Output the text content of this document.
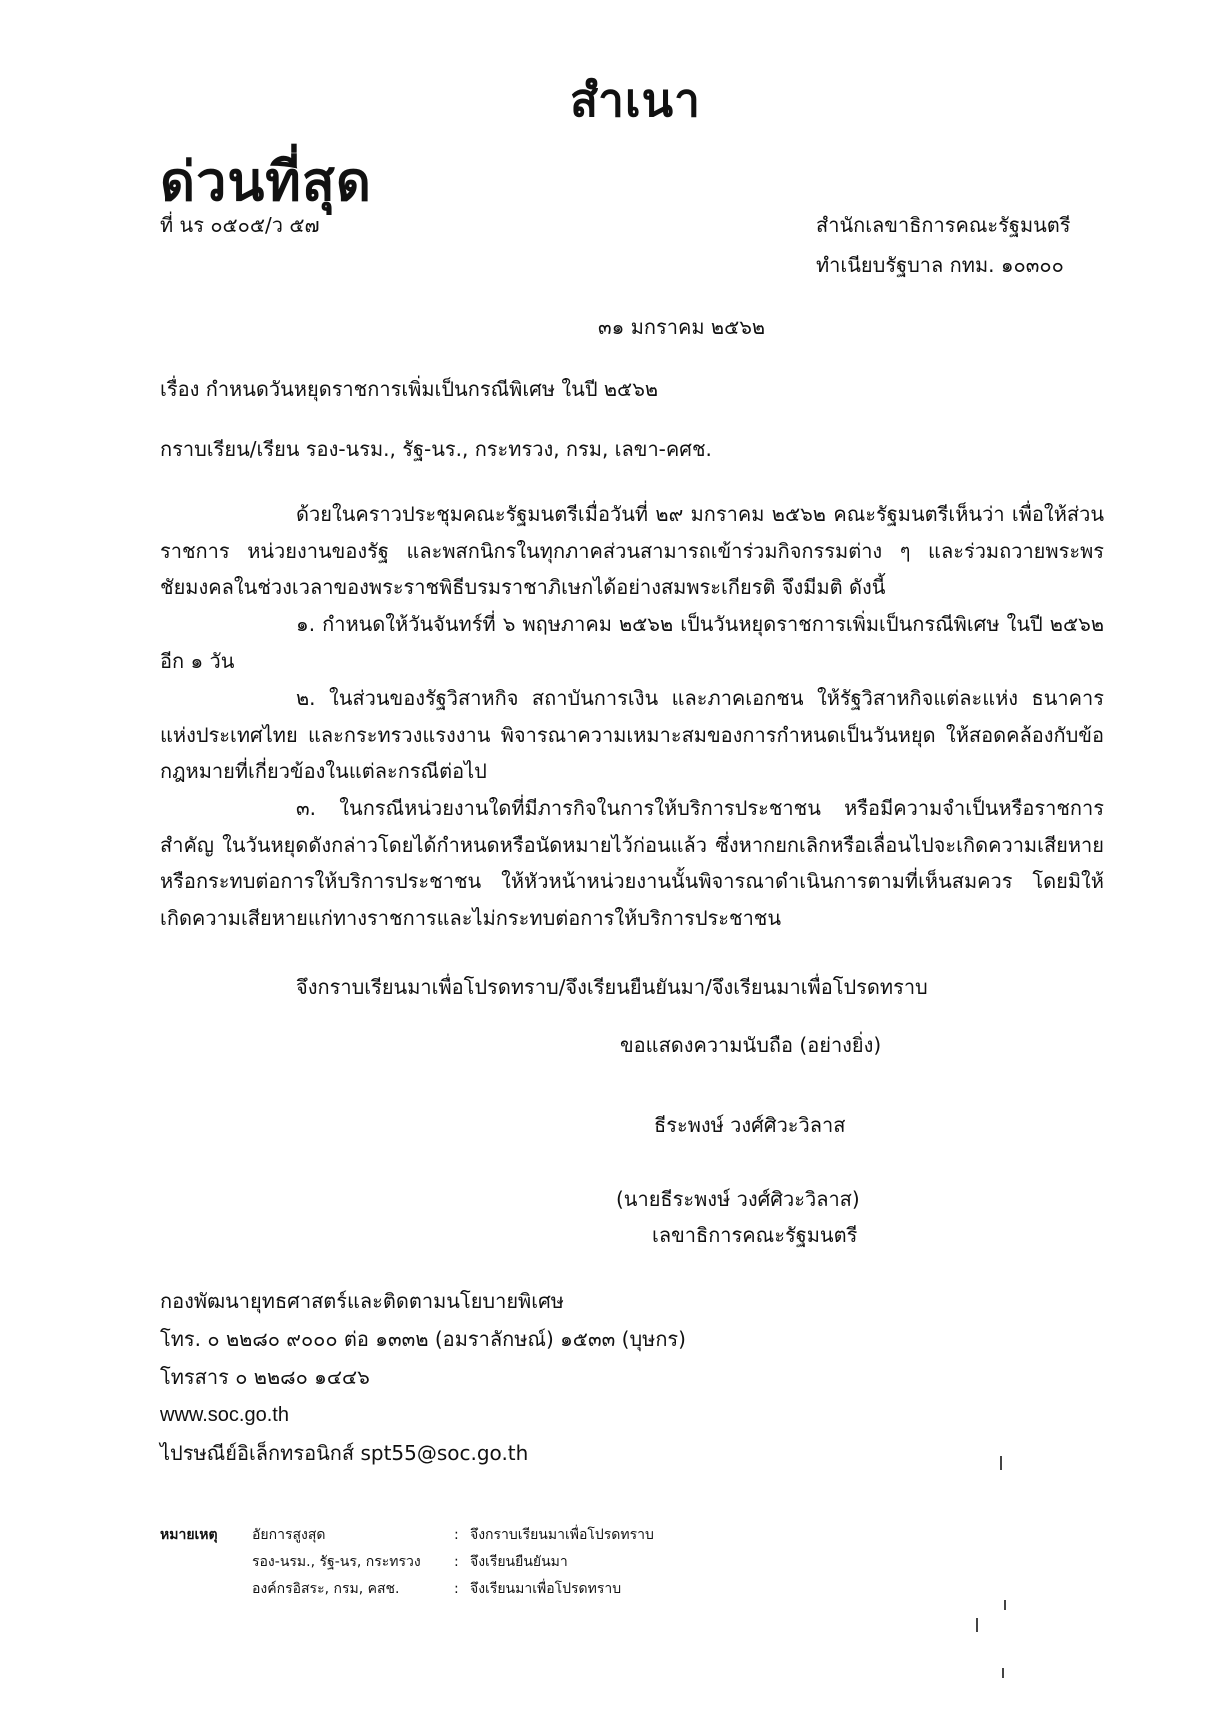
สำเนา
ด่วนที่สุด
ที่ นร ๐๕๐๕/ว ๕๗	สำนักเลขาธิการคณะรัฐมนตรี
ทำเนียบรัฐบาล กทม. ๑๐๓๐๐
๓๑ มกราคม ๒๕๖๒
เรื่อง กำหนดวันหยุดราชการเพิ่มเป็นกรณีพิเศษ ในปี ๒๕๖๒
กราบเรียน/เรียน รอง-นรม., รัฐ-นร., กระทรวง, กรม, เลขา-คศช.
ด้วยในคราวประชุมคณะรัฐมนตรีเมื่อวันที่ ๒๙ มกราคม ๒๕๖๒ คณะรัฐมนตรีเห็นว่า เพื่อให้ส่วนราชการ หน่วยงานของรัฐ และพสกนิกรในทุกภาคส่วนสามารถเข้าร่วมกิจกรรมต่าง ๆ และร่วมถวายพระพรชัยมงคลในช่วงเวลาของพระราชพิธีบรมราชาภิเษกได้อย่างสมพระเกียรติ จึงมีมติ ดังนี้
๑. กำหนดให้วันจันทร์ที่ ๖ พฤษภาคม ๒๕๖๒ เป็นวันหยุดราชการเพิ่มเป็นกรณีพิเศษ ในปี ๒๕๖๒ อีก ๑ วัน
๒. ในส่วนของรัฐวิสาหกิจ สถาบันการเงิน และภาคเอกชน ให้รัฐวิสาหกิจแต่ละแห่ง ธนาคารแห่งประเทศไทย และกระทรวงแรงงาน พิจารณาความเหมาะสมของการกำหนดเป็นวันหยุด ให้สอดคล้องกับข้อกฎหมายที่เกี่ยวข้องในแต่ละกรณีต่อไป
๓. ในกรณีหน่วยงานใดที่มีภารกิจในการให้บริการประชาชน หรือมีความจำเป็นหรือราชการสำคัญ ในวันหยุดดังกล่าวโดยได้กำหนดหรือนัดหมายไว้ก่อนแล้ว ซึ่งหากยกเลิกหรือเลื่อนไปจะเกิดความเสียหาย หรือกระทบต่อการให้บริการประชาชน ให้หัวหน้าหน่วยงานนั้นพิจารณาดำเนินการตามที่เห็นสมควร โดยมิให้เกิดความเสียหายแก่ทางราชการและไม่กระทบต่อการให้บริการประชาชน
จึงกราบเรียนมาเพื่อโปรดทราบ/จึงเรียนยืนยันมา/จึงเรียนมาเพื่อโปรดทราบ
ขอแสดงความนับถือ (อย่างยิ่ง)
ธีระพงษ์ วงศ์ศิวะวิลาส
(นายธีระพงษ์ วงศ์ศิวะวิลาส)
เลขาธิการคณะรัฐมนตรี
กองพัฒนายุทธศาสตร์และติดตามนโยบายพิเศษ
โทร. ๐ ๒๒๘๐ ๙๐๐๐ ต่อ ๑๓๓๒ (อมราลักษณ์) ๑๕๓๓ (บุษกร)
โทรสาร ๐ ๒๒๘๐ ๑๔๔๖
www.soc.go.th
ไปรษณีย์อิเล็กทรอนิกส์ spt55@soc.go.th
หมายเหตุ อัยการสูงสุด	: จึงกราบเรียนมาเพื่อโปรดทราบ
รอง-นรม., รัฐ-นร, กระทรวง : จึงเรียนยืนยันมา
องค์กรอิสระ, กรม, คสช.	: จึงเรียนมาเพื่อโปรดทราบ
